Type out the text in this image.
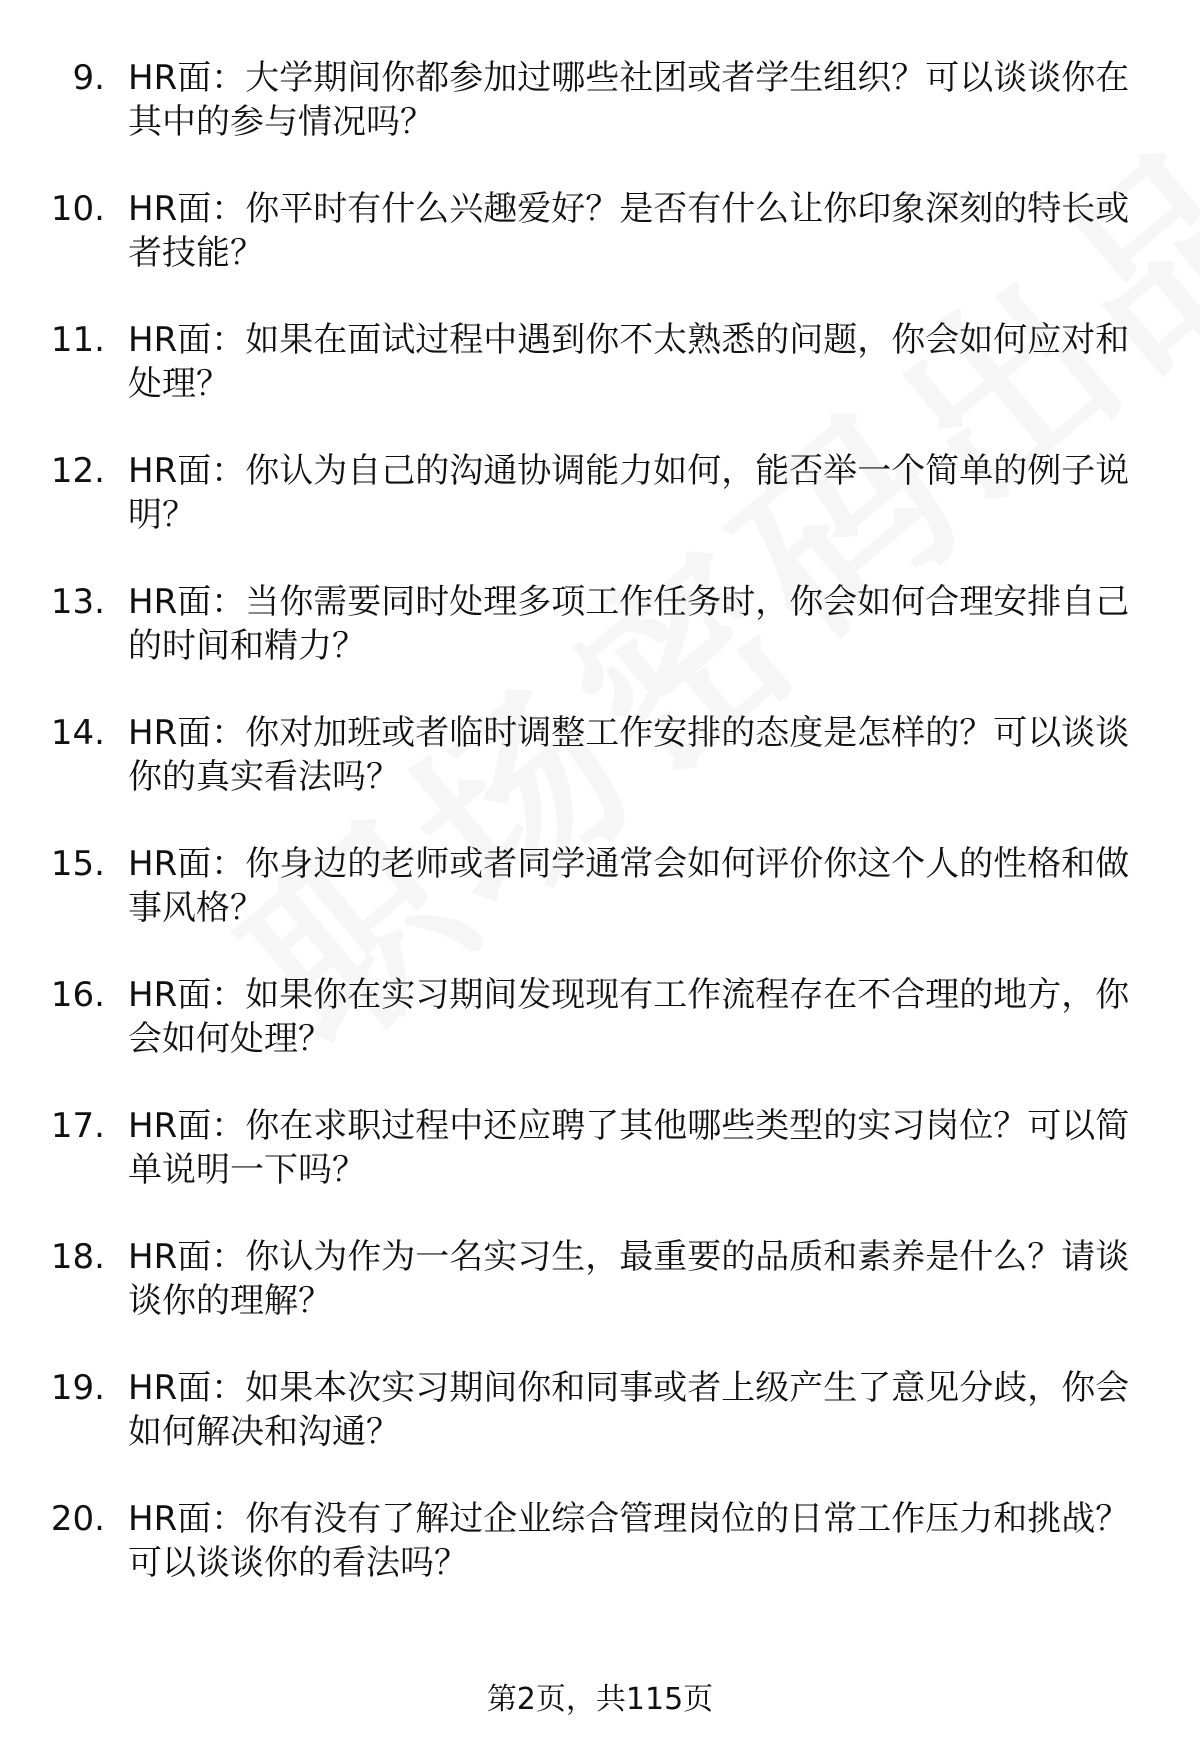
9. HR面：大学期间你都参加过哪些社团或者学生组织？可以谈谈你在其中的参与情况吗？
10. HR面：你平时有什么兴趣爱好？是否有什么让你印象深刻的特长或者技能？
11. HR面：如果在面试过程中遇到你不太熟悉的问题，你会如何应对和处理？
12. HR面：你认为自己的沟通协调能力如何，能否举一个简单的例子说明？
13. HR面：当你需要同时处理多项工作任务时，你会如何合理安排自己的时间和精力？
14. HR面：你对加班或者临时调整工作安排的态度是怎样的？可以谈谈你的真实看法吗？
15. HR面：你身边的老师或者同学通常会如何评价你这个人的性格和做事风格？
16. HR面：如果你在实习期间发现现有工作流程存在不合理的地方，你会如何处理？
17. HR面：你在求职过程中还应聘了其他哪些类型的实习岗位？可以简单说明一下吗？
18. HR面：你认为作为一名实习生，最重要的品质和素养是什么？请谈谈你的理解？
19. HR面：如果本次实习期间你和同事或者上级产生了意见分歧，你会如何解决和沟通？
20. HR面：你有没有了解过企业综合管理岗位的日常工作压力和挑战？可以谈谈你的看法吗？
第2页，共115页
